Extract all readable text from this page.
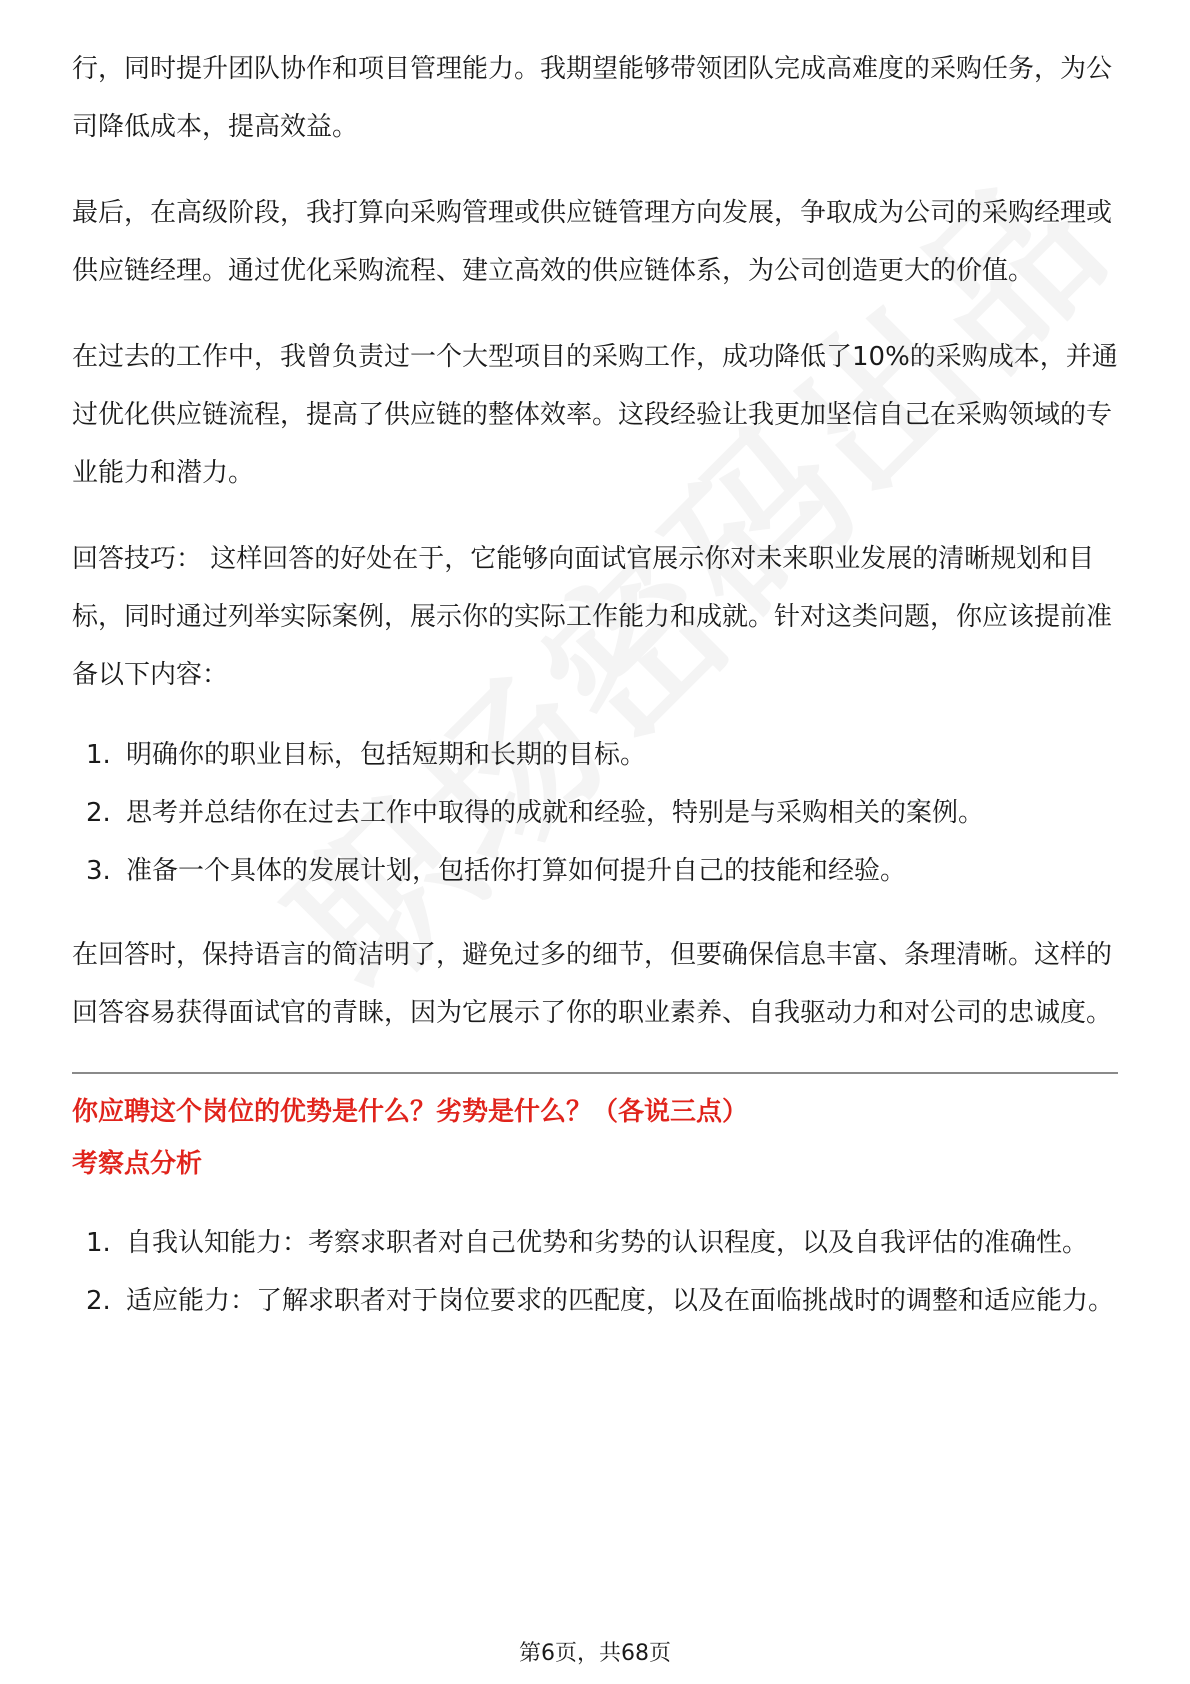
行，同时提升团队协作和项目管理能力。我期望能够带领团队完成高难度的采购任务，为公司降低成本，提高效益。

最后，在高级阶段，我打算向采购管理或供应链管理方向发展，争取成为公司的采购经理或供应链经理。通过优化采购流程、建立高效的供应链体系，为公司创造更大的价值。

在过去的工作中，我曾负责过一个大型项目的采购工作，成功降低了10%的采购成本，并通过优化供应链流程，提高了供应链的整体效率。这段经验让我更加坚信自己在采购领域的专业能力和潜力。

回答技巧： 这样回答的好处在于，它能够向面试官展示你对未来职业发展的清晰规划和目标，同时通过列举实际案例，展示你的实际工作能力和成就。针对这类问题，你应该提前准备以下内容：

1. 明确你的职业目标，包括短期和长期的目标。
2. 思考并总结你在过去工作中取得的成就和经验，特别是与采购相关的案例。
3. 准备一个具体的发展计划，包括你打算如何提升自己的技能和经验。

在回答时，保持语言的简洁明了，避免过多的细节，但要确保信息丰富、条理清晰。这样的回答容易获得面试官的青睐，因为它展示了你的职业素养、自我驱动力和对公司的忠诚度。

你应聘这个岗位的优势是什么？劣势是什么？（各说三点）
考察点分析
1. 自我认知能力：考察求职者对自己优势和劣势的认识程度，以及自我评估的准确性。
2. 适应能力：了解求职者对于岗位要求的匹配度，以及在面临挑战时的调整和适应能力。
第6页，共68页
